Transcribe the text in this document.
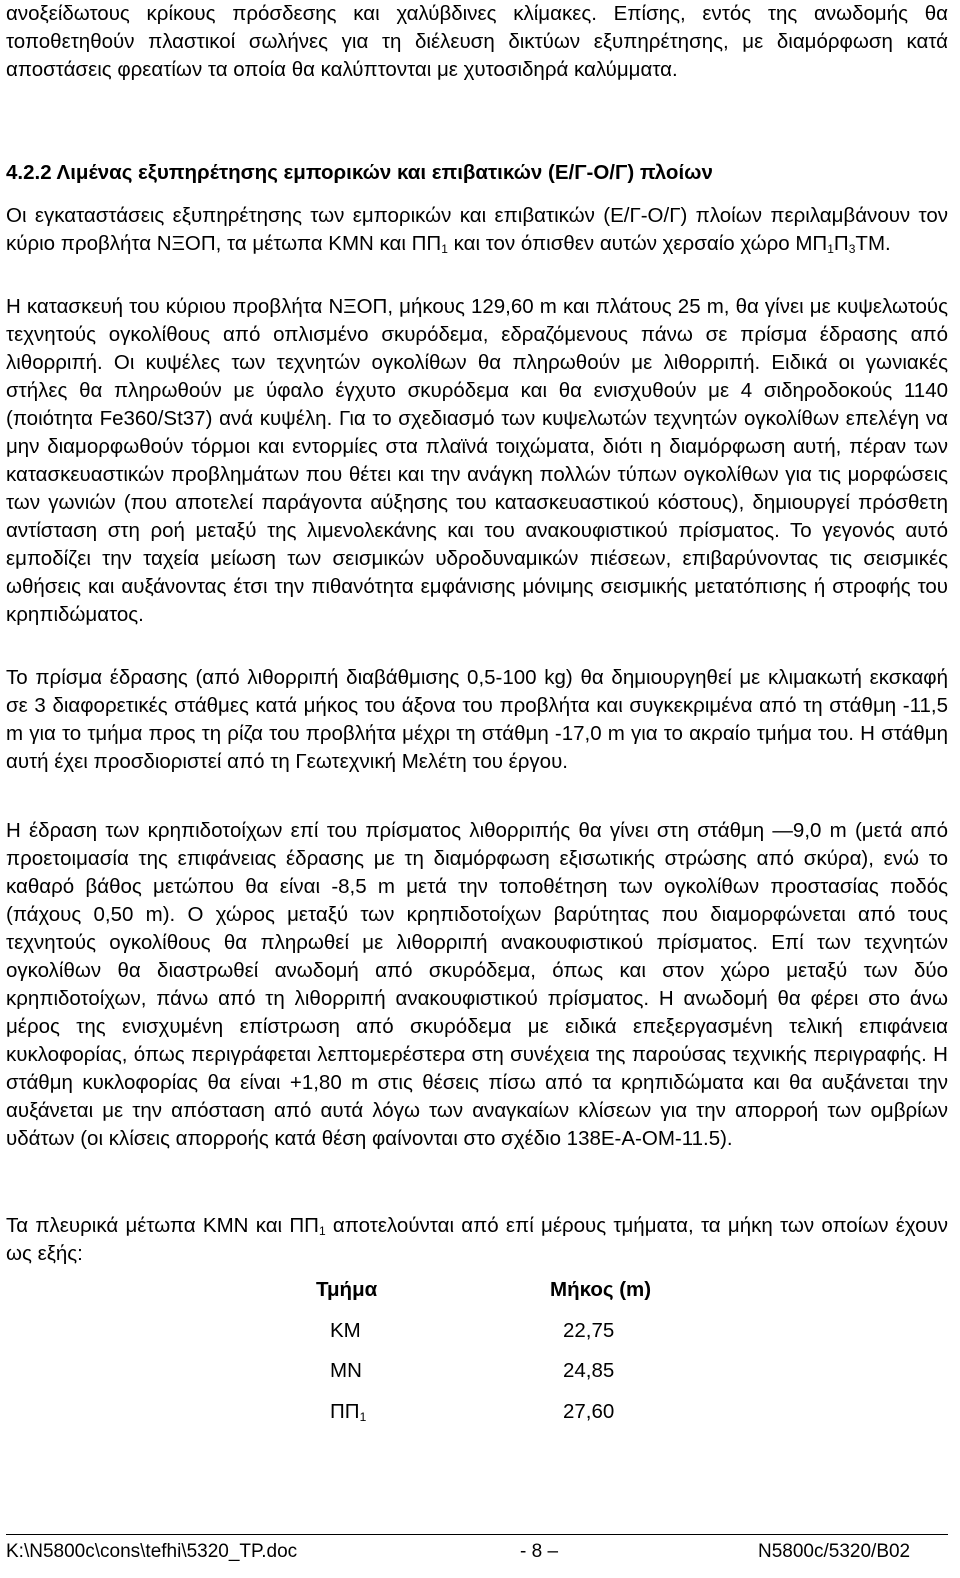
ανοξείδωτους κρίκους πρόσδεσης και χαλύβδινες κλίμακες. Επίσης, εντός της ανωδομής θα τοποθετηθούν πλαστικοί σωλήνες για τη διέλευση δικτύων εξυπηρέτησης, με διαμόρφωση κατά αποστάσεις φρεατίων τα οποία θα καλύπτονται με χυτοσιδηρά καλύμματα.

4.2.2 Λιμένας εξυπηρέτησης εμπορικών και επιβατικών (Ε/Γ-Ο/Γ) πλοίων

Οι εγκαταστάσεις εξυπηρέτησης των εμπορικών και επιβατικών (Ε/Γ-Ο/Γ) πλοίων περιλαμβάνουν τον κύριο προβλήτα ΝΞΟΠ, τα μέτωπα ΚΜΝ και $\Pi\Pi_1$ και τον όπισθεν αυτών χερσαίο χώρο $M\Pi_1\Pi_3TM$.

Η κατασκευή του κύριου προβλήτα ΝΞΟΠ, μήκους 129,60 m και πλάτους 25 m, θα γίνει με κυψελωτούς τεχνητούς ογκολίθους από οπλισμένο σκυρόδεμα, εδραζόμενους πάνω σε πρίσμα έδρασης από λιθορριπή. Οι κυψέλες των τεχνητών ογκολίθων θα πληρωθούν με λιθορριπή. Ειδικά οι γωνιακές στήλες θα πληρωθούν με ύφαλο έγχυτο σκυρόδεμα και θα ενισχυθούν με 4 σιδηροδοκούς 1140 (ποιότητα Fe360/St37) ανά κυψέλη. Για το σχεδιασμό των κυψελωτών τεχνητών ογκολίθων επελέγη να μην διαμορφωθούν τόρμοι και εντορμίες στα πλαϊνά τοιχώματα, διότι η διαμόρφωση αυτή, πέραν των κατασκευαστικών προβλημάτων που θέτει και την ανάγκη πολλών τύπων ογκολίθων για τις μορφώσεις των γωνιών (που αποτελεί παράγοντα αύξησης του κατασκευαστικού κόστους), δημιουργεί πρόσθετη αντίσταση στη ροή μεταξύ της λιμενολεκάνης και του ανακουφιστικού πρίσματος. Το γεγονός αυτό εμποδίζει την ταχεία μείωση των σεισμικών υδροδυναμικών πιέσεων, επιβαρύνοντας τις σεισμικές ωθήσεις και αυξάνοντας έτσι την πιθανότητα εμφάνισης μόνιμης σεισμικής μετατόπισης ή στροφής του κρηπιδώματος.

Το πρίσμα έδρασης (από λιθορριπή διαβάθμισης 0,5-100 kg) θα δημιουργηθεί με κλιμακωτή εκσκαφή σε 3 διαφορετικές στάθμες κατά μήκος του άξονα του προβλήτα και συγκεκριμένα από τη στάθμη -11,5 m για το τμήμα προς τη ρίζα του προβλήτα μέχρι τη στάθμη -17,0 m για το ακραίο τμήμα του. Η στάθμη αυτή έχει προσδιοριστεί από τη Γεωτεχνική Μελέτη του έργου.

Η έδραση των κρηπιδοτοίχων επί του πρίσματος λιθορριπής θα γίνει στη στάθμη —9,0 m (μετά από προετοιμασία της επιφάνειας έδρασης με τη διαμόρφωση εξισωτικής στρώσης από σκύρα), ενώ το καθαρό βάθος μετώπου θα είναι -8,5 m μετά την τοποθέτηση των ογκολίθων προστασίας ποδός (πάχους 0,50 m). Ο χώρος μεταξύ των κρηπιδοτοίχων βαρύτητας που διαμορφώνεται από τους τεχνητούς ογκολίθους θα πληρωθεί με λιθορριπή ανακουφιστικού πρίσματος. Επί των τεχνητών ογκολίθων θα διαστρωθεί ανωδομή από σκυρόδεμα, όπως και στον χώρο μεταξύ των δύο κρηπιδοτοίχων, πάνω από τη λιθορριπή ανακουφιστικού πρίσματος. Η ανωδομή θα φέρει στο άνω μέρος της ενισχυμένη επίστρωση από σκυρόδεμα με ειδικά επεξεργασμένη τελική επιφάνεια κυκλοφορίας, όπως περιγράφεται λεπτομερέστερα στη συνέχεια της παρούσας τεχνικής περιγραφής. Η στάθμη κυκλοφορίας θα είναι +1,80 m στις θέσεις πίσω από τα κρηπιδώματα και θα αυξάνεται την αυξάνεται με την απόσταση από αυτά λόγω των αναγκαίων κλίσεων για την απορροή των ομβρίων υδάτων (οι κλίσεις απορροής κατά θέση φαίνονται στο σχέδιο 138Ε-Α-ΟΜ-11.5).

Τα πλευρικά μέτωπα ΚΜΝ και $\Pi\Pi_1$ αποτελούνται από επί μέρους τμήματα, τα μήκη των οποίων έχουν ως εξής:

Τμήμα	Μήκος (m)
ΚΜ	22,75
ΜΝ	24,85
$\Pi\Pi_1$	27,60
K:\N5800c\cons\tefhi\5320_TP.doc	- 8 –	N5800c/5320/B02
